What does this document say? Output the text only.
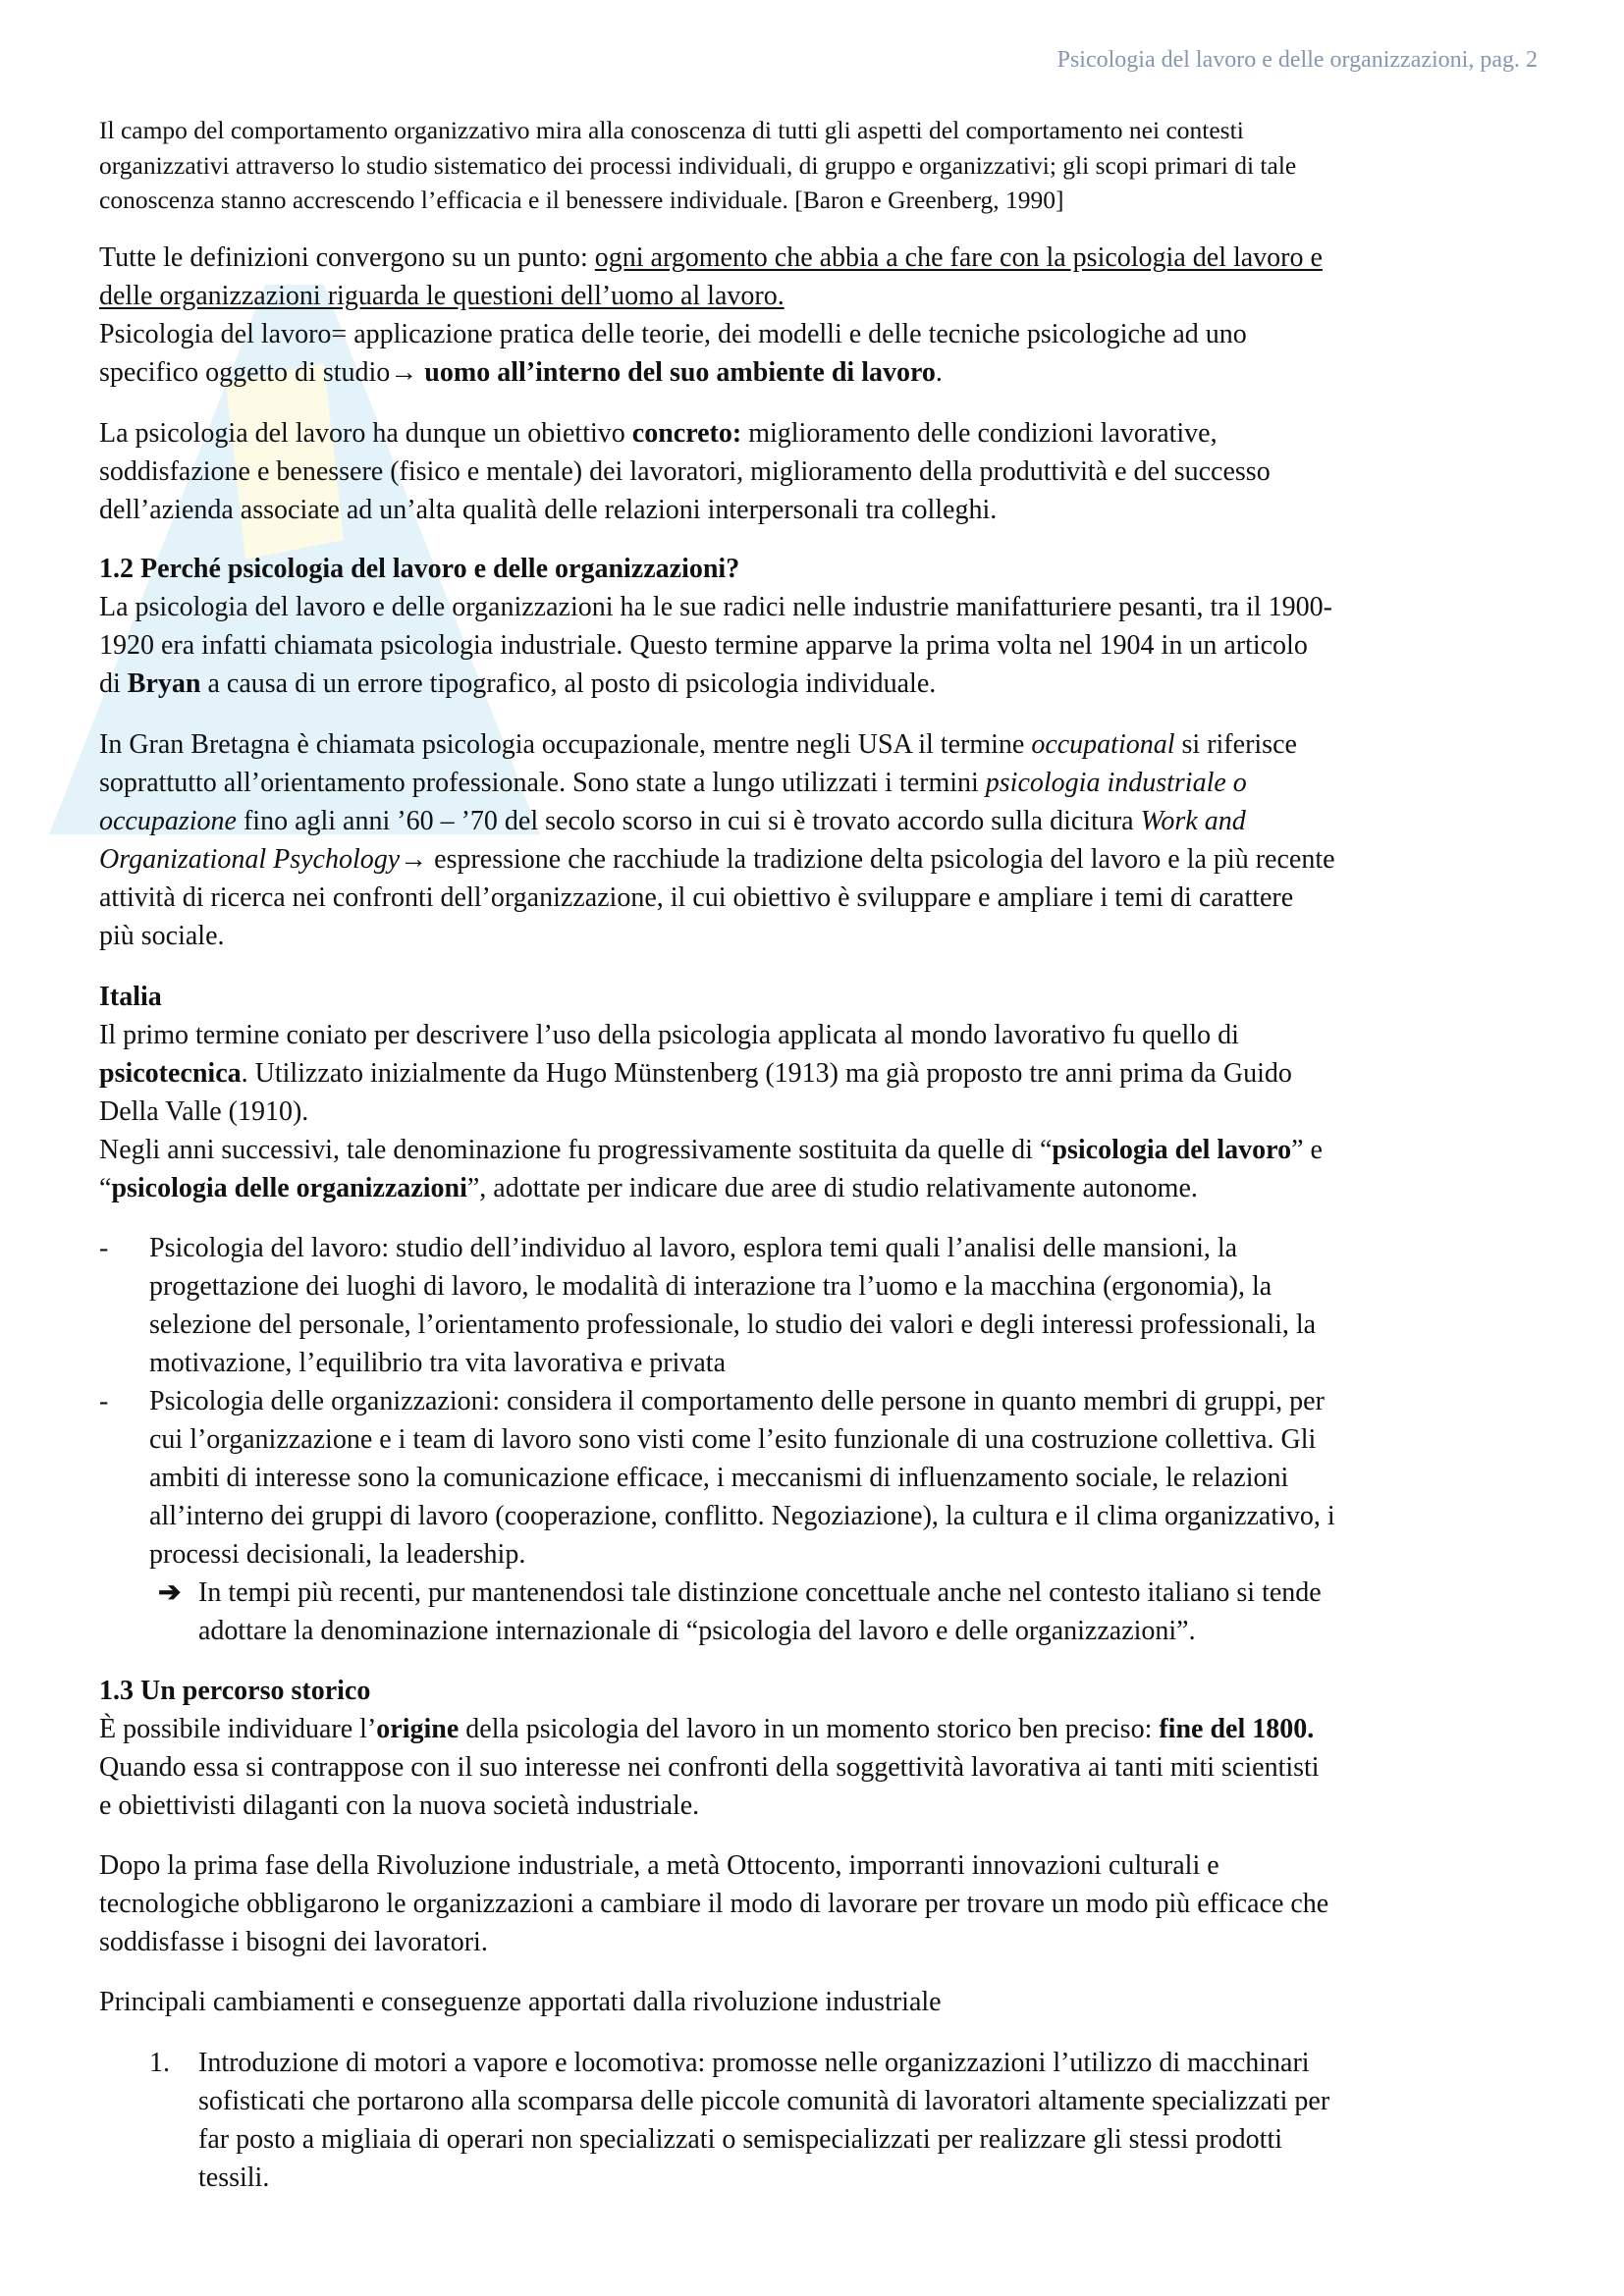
Psicologia del lavoro e delle organizzazioni, pag. 2
Il campo del comportamento organizzativo mira alla conoscenza di tutti gli aspetti del comportamento nei contesti
organizzativi attraverso lo studio sistematico dei processi individuali, di gruppo e organizzativi; gli scopi primari di tale
conoscenza stanno accrescendo l’efficacia e il benessere individuale. [Baron e Greenberg, 1990]
Tutte le definizioni convergono su un punto: ogni argomento che abbia a che fare con la psicologia del lavoro e
delle organizzazioni riguarda le questioni dell’uomo al lavoro.
Psicologia del lavoro= applicazione pratica delle teorie, dei modelli e delle tecniche psicologiche ad uno
specifico oggetto di studio→ uomo all’interno del suo ambiente di lavoro.
La psicologia del lavoro ha dunque un obiettivo concreto: miglioramento delle condizioni lavorative,
soddisfazione e benessere (fisico e mentale) dei lavoratori, miglioramento della produttività e del successo
dell’azienda associate ad un’alta qualità delle relazioni interpersonali tra colleghi.
1.2 Perché psicologia del lavoro e delle organizzazioni?
La psicologia del lavoro e delle organizzazioni ha le sue radici nelle industrie manifatturiere pesanti, tra il 1900-
1920 era infatti chiamata psicologia industriale. Questo termine apparve la prima volta nel 1904 in un articolo
di Bryan a causa di un errore tipografico, al posto di psicologia individuale.
In Gran Bretagna è chiamata psicologia occupazionale, mentre negli USA il termine occupational si riferisce
soprattutto all’orientamento professionale. Sono state a lungo utilizzati i termini psicologia industriale o
occupazione fino agli anni ’60 – ’70 del secolo scorso in cui si è trovato accordo sulla dicitura Work and
Organizational Psychology→ espressione che racchiude la tradizione delta psicologia del lavoro e la più recente
attività di ricerca nei confronti dell’organizzazione, il cui obiettivo è sviluppare e ampliare i temi di carattere
più sociale.
Italia
Il primo termine coniato per descrivere l’uso della psicologia applicata al mondo lavorativo fu quello di
psicotecnica. Utilizzato inizialmente da Hugo Münstenberg (1913) ma già proposto tre anni prima da Guido
Della Valle (1910).
Negli anni successivi, tale denominazione fu progressivamente sostituita da quelle di “psicologia del lavoro” e
“psicologia delle organizzazioni”, adottate per indicare due aree di studio relativamente autonome.
- Psicologia del lavoro: studio dell’individuo al lavoro, esplora temi quali l’analisi delle mansioni, la
progettazione dei luoghi di lavoro, le modalità di interazione tra l’uomo e la macchina (ergonomia), la
selezione del personale, l’orientamento professionale, lo studio dei valori e degli interessi professionali, la
motivazione, l’equilibrio tra vita lavorativa e privata
- Psicologia delle organizzazioni: considera il comportamento delle persone in quanto membri di gruppi, per
cui l’organizzazione e i team di lavoro sono visti come l’esito funzionale di una costruzione collettiva. Gli
ambiti di interesse sono la comunicazione efficace, i meccanismi di influenzamento sociale, le relazioni
all’interno dei gruppi di lavoro (cooperazione, conflitto. Negoziazione), la cultura e il clima organizzativo, i
processi decisionali, la leadership.
➔ In tempi più recenti, pur mantenendosi tale distinzione concettuale anche nel contesto italiano si tende
adottare la denominazione internazionale di “psicologia del lavoro e delle organizzazioni”.
1.3 Un percorso storico
È possibile individuare l’origine della psicologia del lavoro in un momento storico ben preciso: fine del 1800.
Quando essa si contrappose con il suo interesse nei confronti della soggettività lavorativa ai tanti miti scientisti
e obiettivisti dilaganti con la nuova società industriale.
Dopo la prima fase della Rivoluzione industriale, a metà Ottocento, imporranti innovazioni culturali e
tecnologiche obbligarono le organizzazioni a cambiare il modo di lavorare per trovare un modo più efficace che
soddisfasse i bisogni dei lavoratori.
Principali cambiamenti e conseguenze apportati dalla rivoluzione industriale
1. Introduzione di motori a vapore e locomotiva: promosse nelle organizzazioni l’utilizzo di macchinari
sofisticati che portarono alla scomparsa delle piccole comunità di lavoratori altamente specializzati per
far posto a migliaia di operari non specializzati o semispecializzati per realizzare gli stessi prodotti
tessili.
